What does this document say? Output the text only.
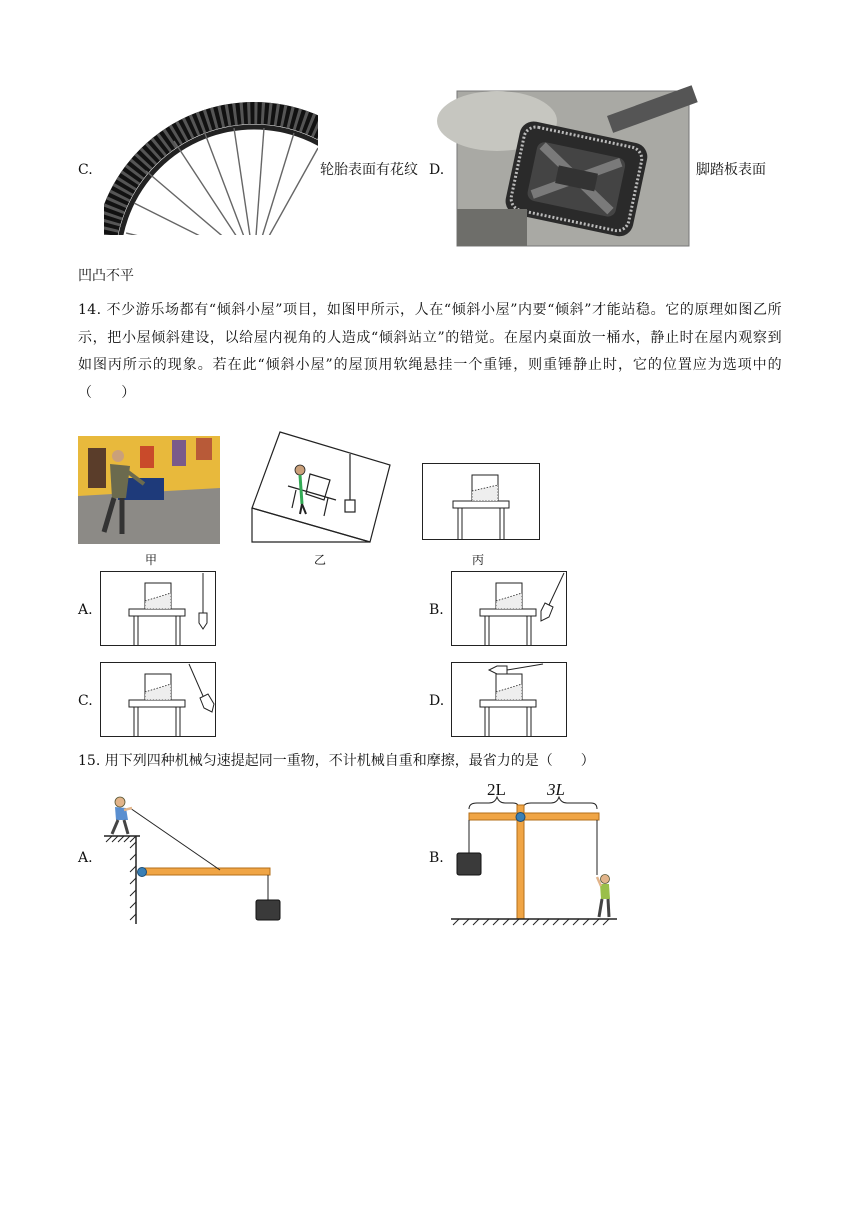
C.	轮胎表面有花纹 D.	脚踏板表面
凹凸不平
14. 不少游乐场都有“倾斜小屋”项目，如图甲所示，人在“倾斜小屋”内要“倾斜”才能站稳。它的原理如图乙所示，把小屋倾斜建设，以给屋内视角的人造成“倾斜站立”的错觉。在屋内桌面放一桶水，静止时在屋内观察到如图丙所示的现象。若在此“倾斜小屋”的屋顶用软绳悬挂一个重锤，则重锤静止时，它的位置应为选项中的（　　）
甲	乙	丙
A.	B.
C.	D.
15. 用下列四种机械匀速提起同一重物，不计机械自重和摩擦，最省力的是（　　）
A.	B.
2L 3L
